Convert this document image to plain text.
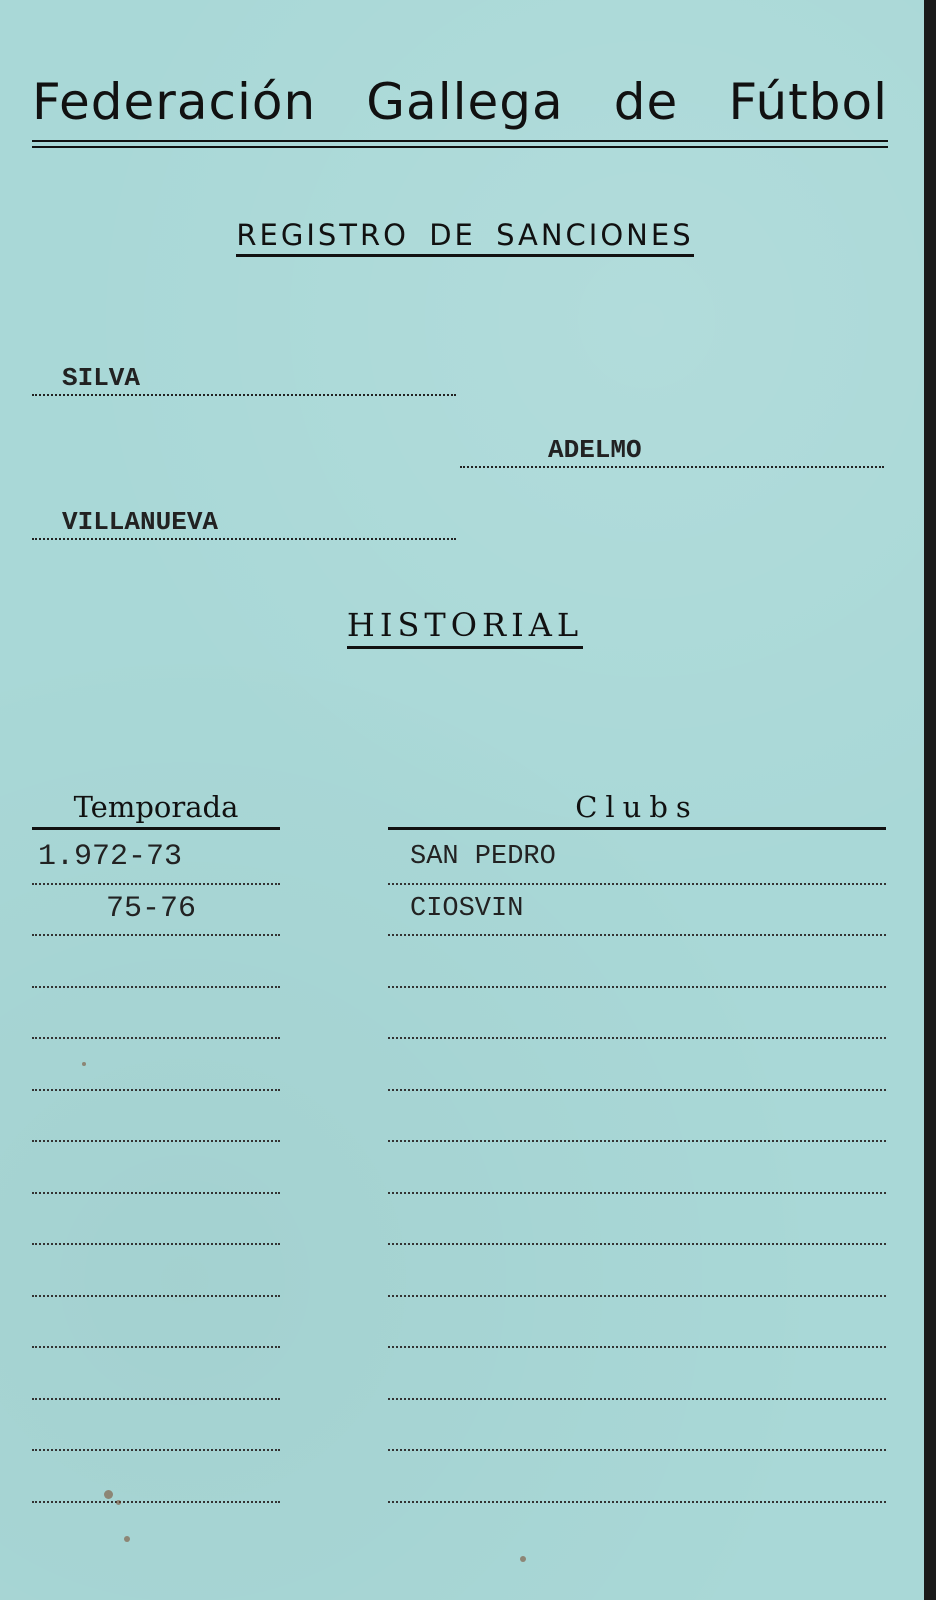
Federación Gallega de Fútbol
REGISTRO DE SANCIONES
SILVA
ADELMO
VILLANUEVA
HISTORIAL
Temporada	Clubs
1.972-73
75-76
SAN PEDRO
CIOSVIN
